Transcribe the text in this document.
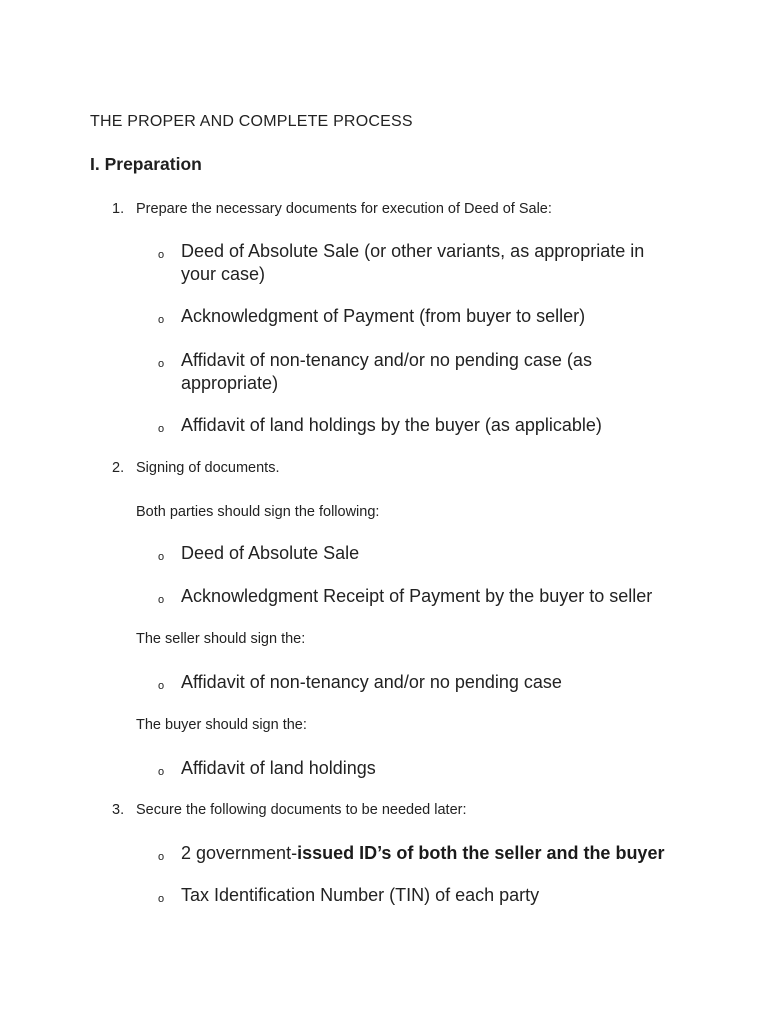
THE PROPER AND COMPLETE PROCESS
I. Preparation
1. Prepare the necessary documents for execution of Deed of Sale:
o Deed of Absolute Sale (or other variants, as appropriate in your case)
o Acknowledgment of Payment (from buyer to seller)
o Affidavit of non-tenancy and/or no pending case (as appropriate)
o Affidavit of land holdings by the buyer (as applicable)
2. Signing of documents.
Both parties should sign the following:
o Deed of Absolute Sale
o Acknowledgment Receipt of Payment by the buyer to seller
The seller should sign the:
o Affidavit of non-tenancy and/or no pending case
The buyer should sign the:
o Affidavit of land holdings
3. Secure the following documents to be needed later:
o 2 government-issued ID’s of both the seller and the buyer
o Tax Identification Number (TIN) of each party
